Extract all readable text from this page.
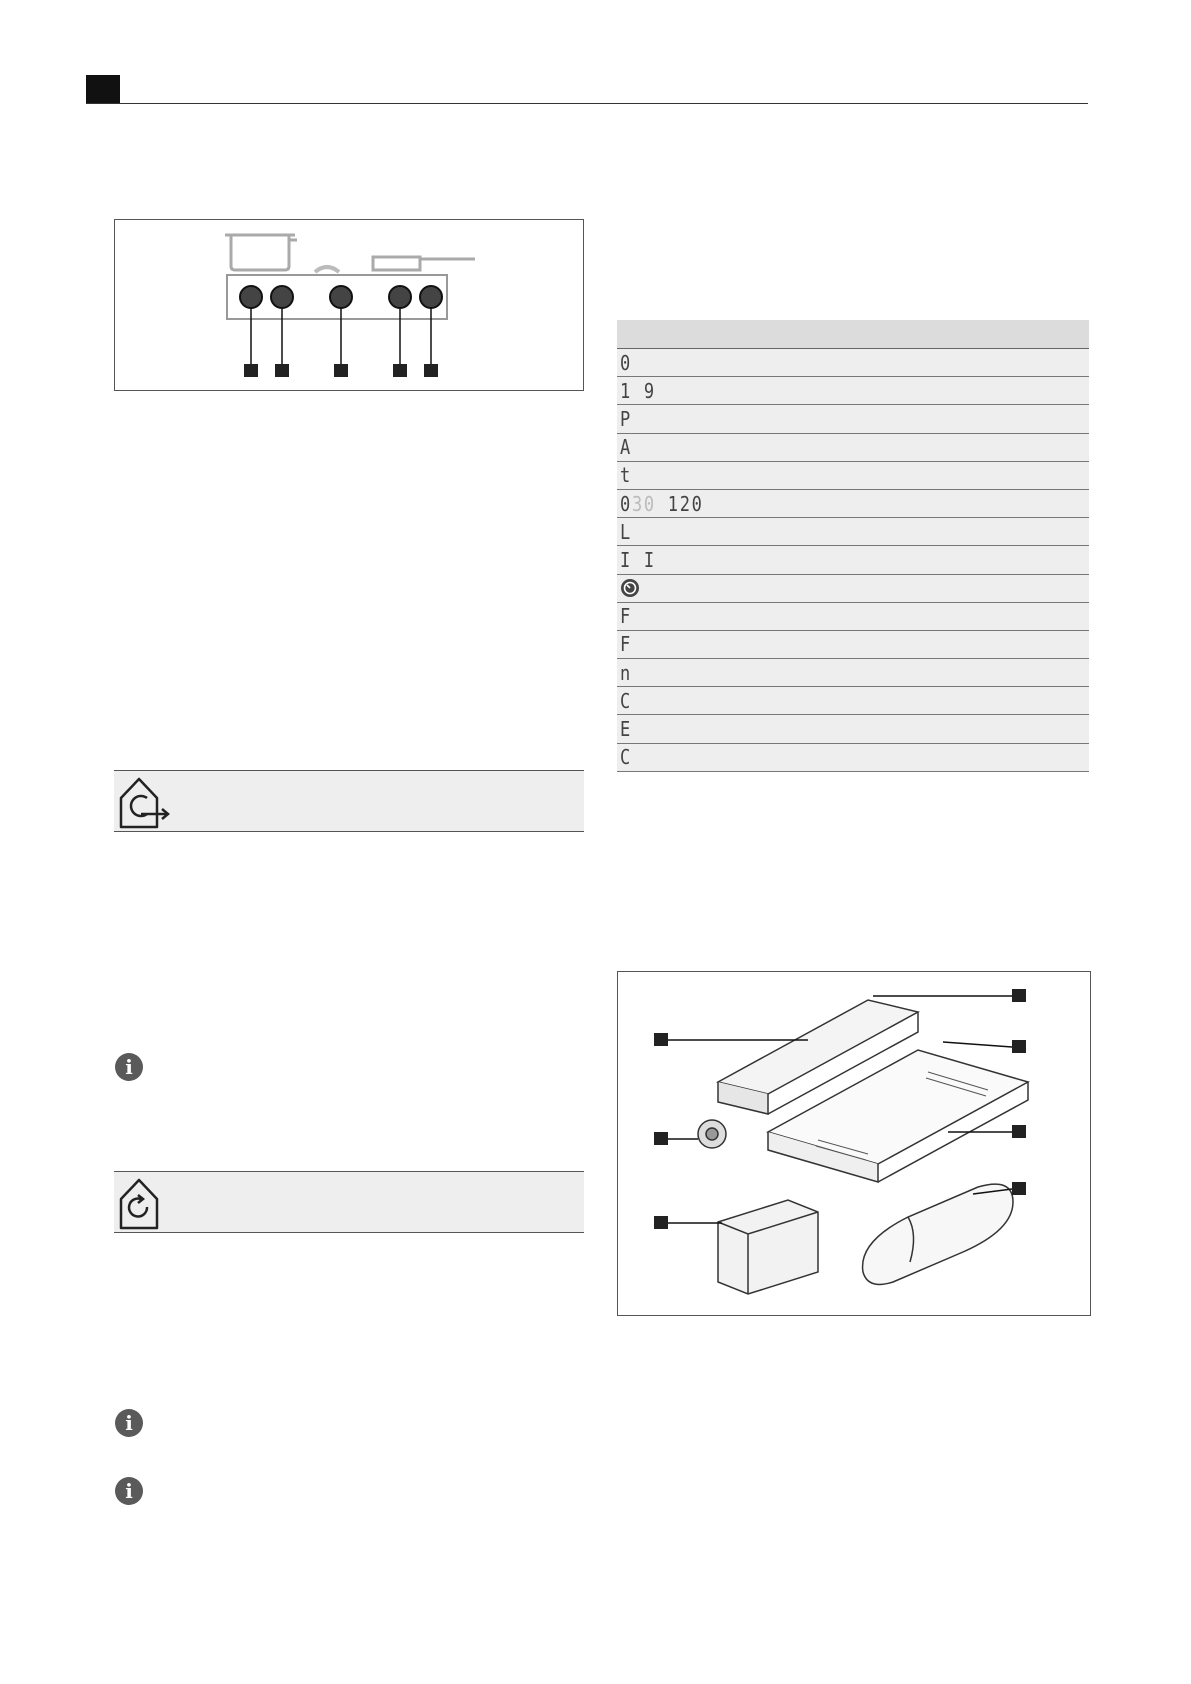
0
1 9
P
A
t
030 120
L
I I
F
F
n
C
E
C
i
i
i
